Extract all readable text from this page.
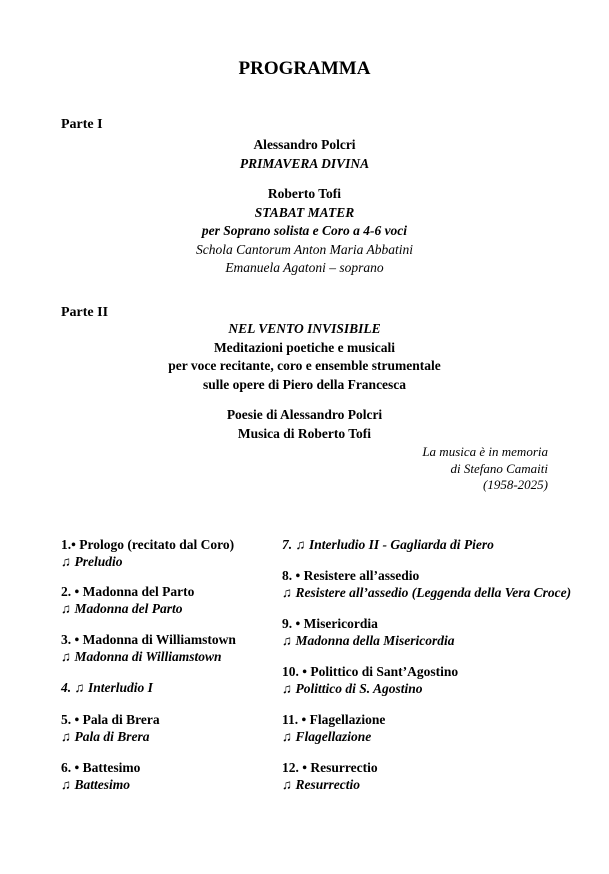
PROGRAMMA
Parte I
Alessandro Polcri
PRIMAVERA DIVINA
Roberto Tofi
STABAT MATER
per Soprano solista e Coro a 4-6 voci
Schola Cantorum Anton Maria Abbatini
Emanuela Agatoni – soprano
Parte II
NEL VENTO INVISIBILE
Meditazioni poetiche e musicali
per voce recitante, coro e ensemble strumentale
sulle opere di Piero della Francesca
Poesie di Alessandro Polcri
Musica di Roberto Tofi
La musica è in memoria
di Stefano Camaiti
(1958-2025)
1.• Prologo (recitato dal Coro)
♫ Preludio
2. • Madonna del Parto
♫ Madonna del Parto
3. • Madonna di Williamstown
♫ Madonna di Williamstown
4. ♫ Interludio I
5. • Pala di Brera
♫ Pala di Brera
6. • Battesimo
♫ Battesimo
7. ♫ Interludio II - Gagliarda di Piero
8. • Resistere all’assedio
♫ Resistere all’assedio (Leggenda della Vera Croce)
9. • Misericordia
♫ Madonna della Misericordia
10. • Polittico di Sant’Agostino
♫ Polittico di S. Agostino
11. • Flagellazione
♫ Flagellazione
12. • Resurrectio
♫ Resurrectio
